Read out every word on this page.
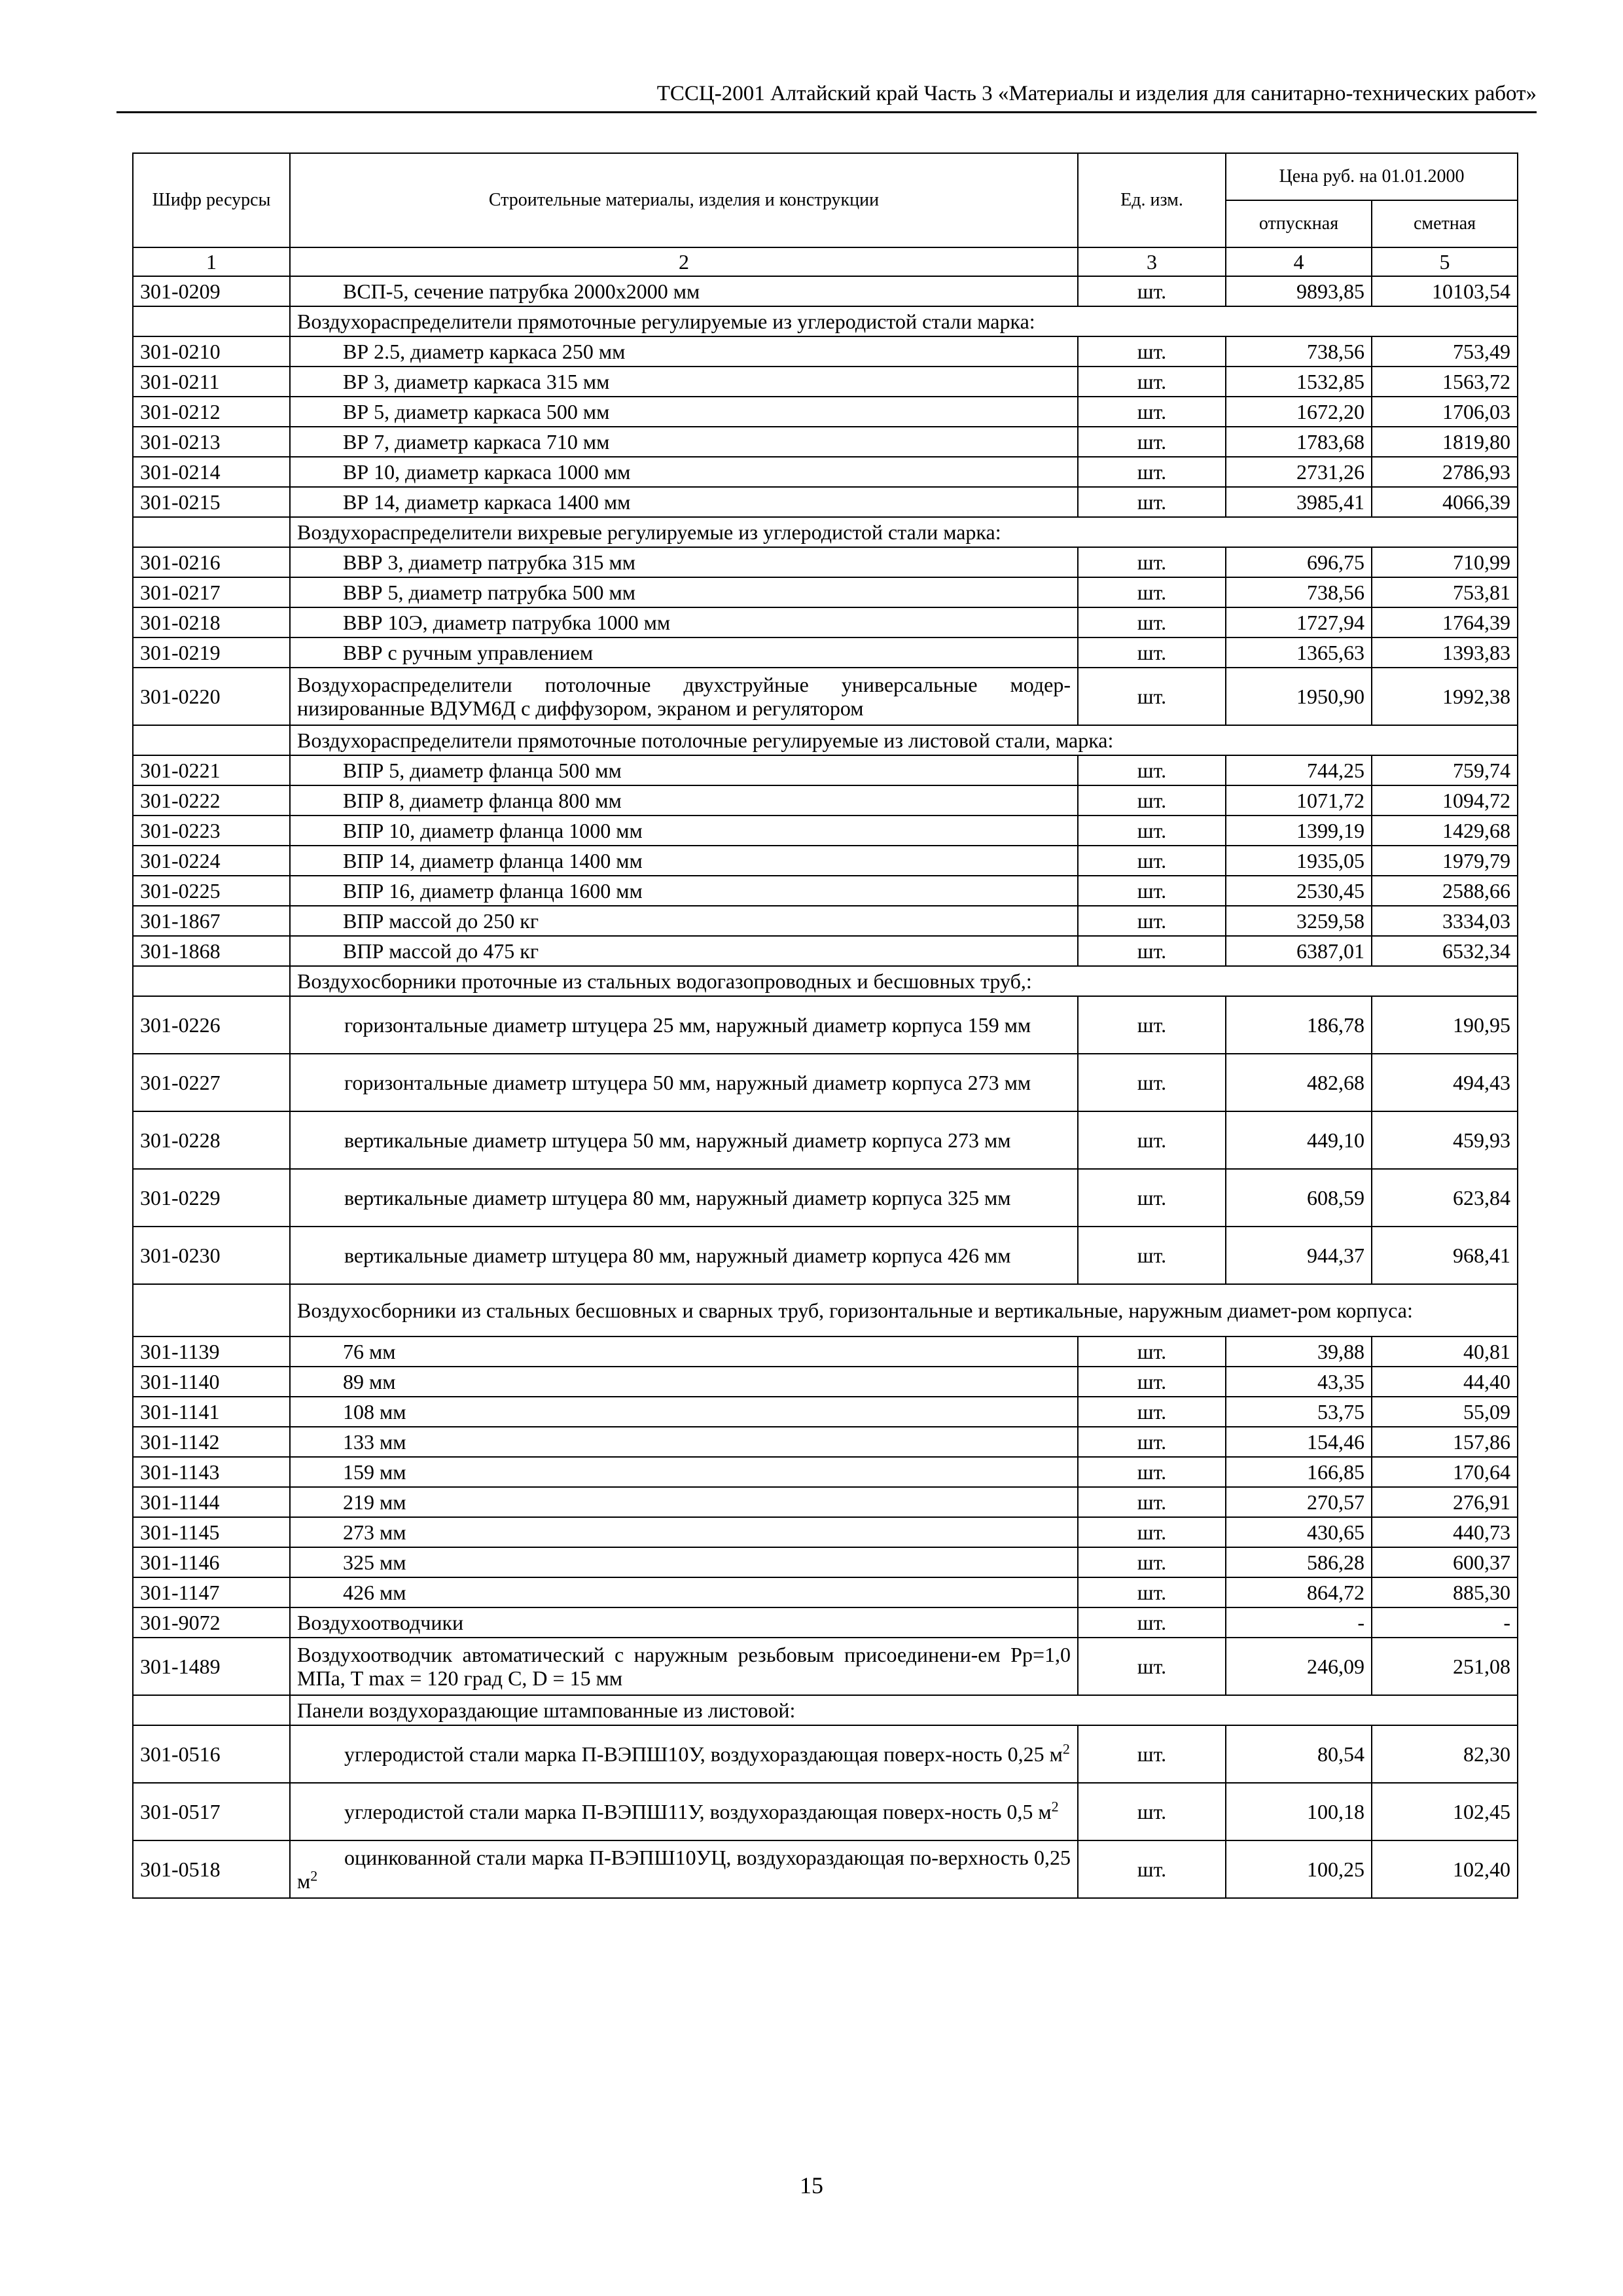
ТССЦ-2001 Алтайский край Часть 3 «Материалы и изделия для санитарно-технических работ»
Шифр ресурсы	Строительные материалы, изделия и конструкции	Ед. изм.	Цена руб. на 01.01.2000	
			отпускная	сметная
1	2	3	4	5
301-0209	ВСП-5, сечение патрубка 2000х2000 мм	шт.	9893,85	10103,54
	Воздухораспределители прямоточные регулируемые из углеродистой стали марка:			
301-0210	ВР 2.5, диаметр каркаса 250 мм	шт.	738,56	753,49
301-0211	ВР 3, диаметр каркаса 315 мм	шт.	1532,85	1563,72
301-0212	ВР 5, диаметр каркаса 500 мм	шт.	1672,20	1706,03
301-0213	ВР 7, диаметр каркаса 710 мм	шт.	1783,68	1819,80
301-0214	ВР 10, диаметр каркаса 1000 мм	шт.	2731,26	2786,93
301-0215	ВР 14, диаметр каркаса 1400 мм	шт.	3985,41	4066,39
	Воздухораспределители вихревые регулируемые из углеродистой стали марка:			
301-0216	ВВР 3, диаметр патрубка 315 мм	шт.	696,75	710,99
301-0217	ВВР 5, диаметр патрубка 500 мм	шт.	738,56	753,81
301-0218	ВВР 10Э, диаметр патрубка 1000 мм	шт.	1727,94	1764,39
301-0219	ВВР с ручным управлением	шт.	1365,63	1393,83
301-0220	Воздухораспределители потолочные двухструйные универсальные модер-низированные ВДУМ6Д с диффузором, экраном и регулятором	шт.	1950,90	1992,38
	Воздухораспределители прямоточные потолочные регулируемые из листовой стали, марка:			
301-0221	ВПР 5, диаметр фланца 500 мм	шт.	744,25	759,74
301-0222	ВПР 8, диаметр фланца 800 мм	шт.	1071,72	1094,72
301-0223	ВПР 10, диаметр фланца 1000 мм	шт.	1399,19	1429,68
301-0224	ВПР 14, диаметр фланца 1400 мм	шт.	1935,05	1979,79
301-0225	ВПР 16, диаметр фланца 1600 мм	шт.	2530,45	2588,66
301-1867	ВПР массой до 250 кг	шт.	3259,58	3334,03
301-1868	ВПР массой до 475 кг	шт.	6387,01	6532,34
	Воздухосборники проточные из стальных водогазопроводных и бесшовных труб,:			
301-0226	горизонтальные диаметр штуцера 25 мм, наружный диаметр корпуса 159 мм	шт.	186,78	190,95
301-0227	горизонтальные диаметр штуцера 50 мм, наружный диаметр корпуса 273 мм	шт.	482,68	494,43
301-0228	вертикальные диаметр штуцера 50 мм, наружный диаметр корпуса 273 мм	шт.	449,10	459,93
301-0229	вертикальные диаметр штуцера 80 мм, наружный диаметр корпуса 325 мм	шт.	608,59	623,84
301-0230	вертикальные диаметр штуцера 80 мм, наружный диаметр корпуса 426 мм	шт.	944,37	968,41
	Воздухосборники из стальных бесшовных и сварных труб, горизонтальные и вертикальные, наружным диамет-ром корпуса:			
301-1139	76 мм	шт.	39,88	40,81
301-1140	89 мм	шт.	43,35	44,40
301-1141	108 мм	шт.	53,75	55,09
301-1142	133 мм	шт.	154,46	157,86
301-1143	159 мм	шт.	166,85	170,64
301-1144	219 мм	шт.	270,57	276,91
301-1145	273 мм	шт.	430,65	440,73
301-1146	325 мм	шт.	586,28	600,37
301-1147	426 мм	шт.	864,72	885,30
301-9072	Воздухоотводчики	шт.	-	-
301-1489	Воздухоотводчик автоматический с наружным резьбовым присоединени-ем Рр=1,0 МПа, Т max = 120 град С, D = 15 мм	шт.	246,09	251,08
	Панели воздухораздающие штампованные из листовой:			
301-0516	углеродистой стали марка П-ВЭПШ10У, воздухораздающая поверх-ность 0,25 $м^2$	шт.	80,54	82,30
301-0517	углеродистой стали марка П-ВЭПШ11У, воздухораздающая поверх-ность 0,5 $м^2$	шт.	100,18	102,45
301-0518	оцинкованной стали марка П-ВЭПШ10УЦ, воздухораздающая по-верхность 0,25 $м^2$	шт.	100,25	102,40
15
